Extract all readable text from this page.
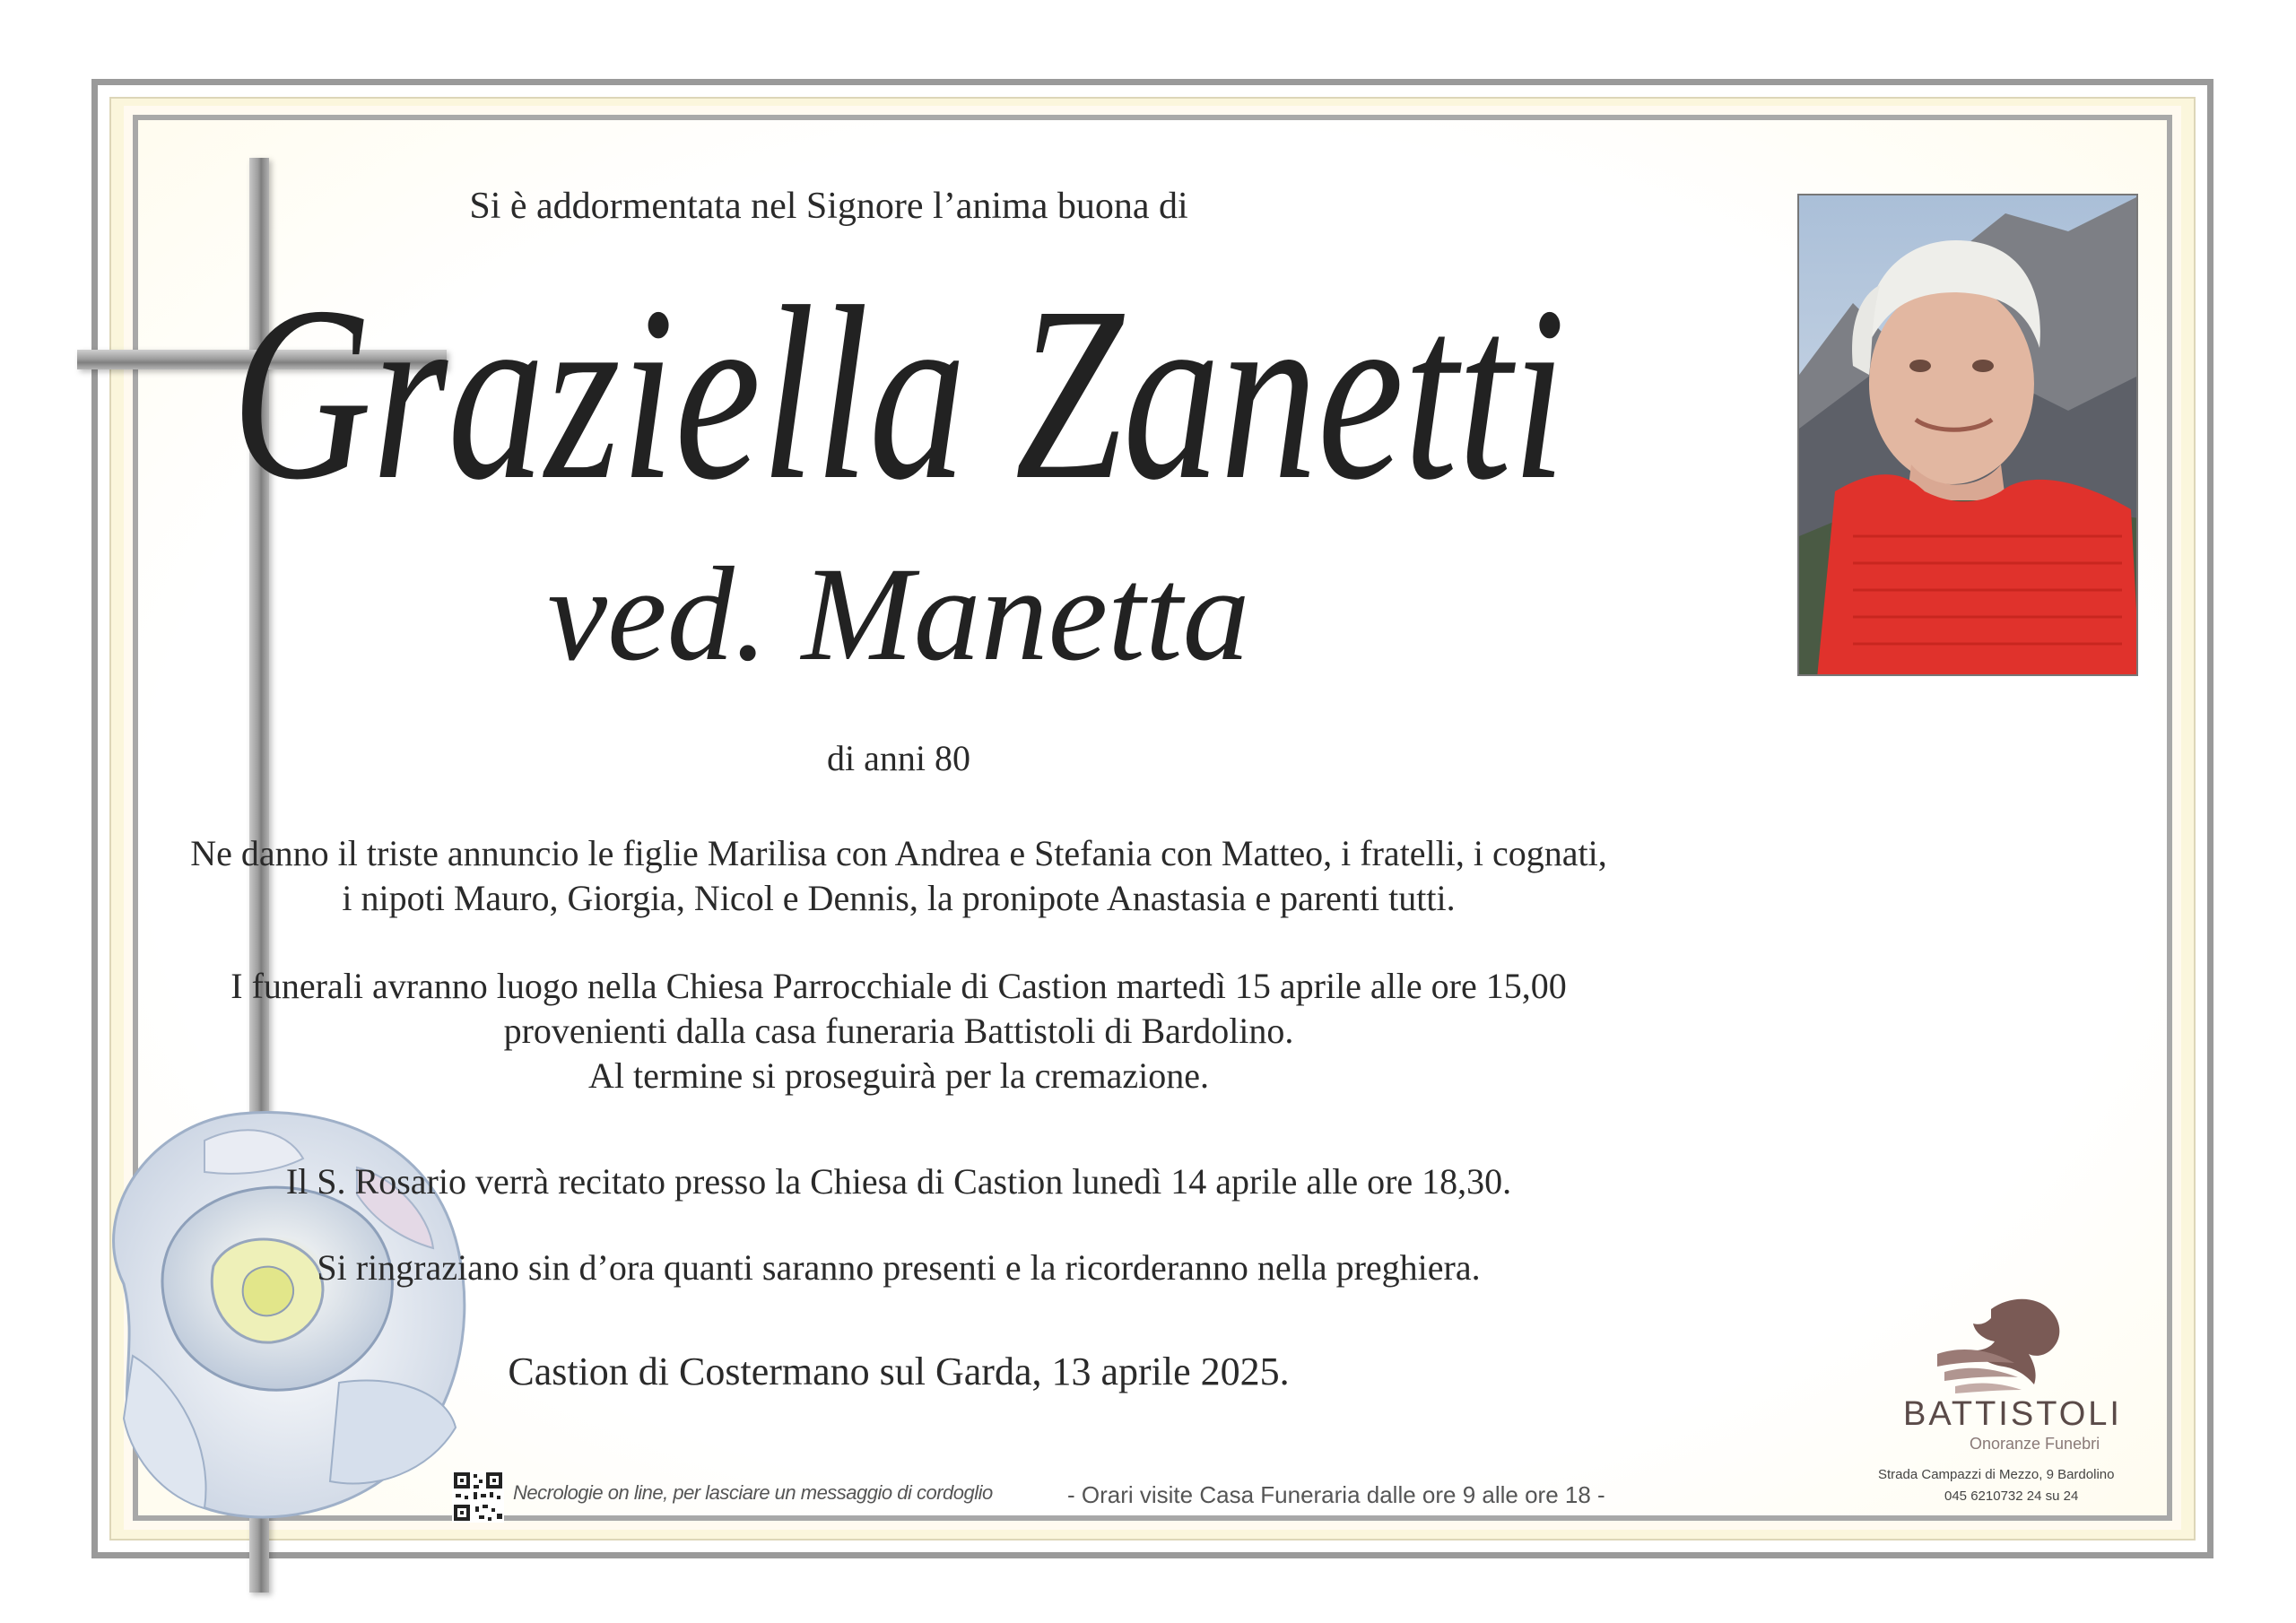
Si è addormentata nel Signore l’anima buona di
Graziella Zanetti
ved. Manetta
di anni 80
Ne danno il triste annuncio le figlie Marilisa con Andrea e Stefania con Matteo, i fratelli, i cognati,
i nipoti Mauro, Giorgia, Nicol e Dennis, la pronipote Anastasia e parenti tutti.
I funerali avranno luogo nella Chiesa Parrocchiale di Castion martedì 15 aprile alle ore 15,00
provenienti dalla casa funeraria Battistoli di Bardolino.
Al termine si proseguirà per la cremazione.
Il S. Rosario verrà recitato presso la Chiesa di Castion lunedì 14 aprile alle ore 18,30.
Si ringraziano sin d’ora quanti saranno presenti e la ricorderanno nella preghiera.
Castion di Costermano sul Garda, 13 aprile 2025.
Necrologie on line, per lasciare un messaggio di cordoglio	- Orari visite Casa Funeraria dalle ore 9 alle ore 18 -
BATTISTOLI
Onoranze Funebri
Strada Campazzi di Mezzo, 9 Bardolino
045 6210732 24 su 24
